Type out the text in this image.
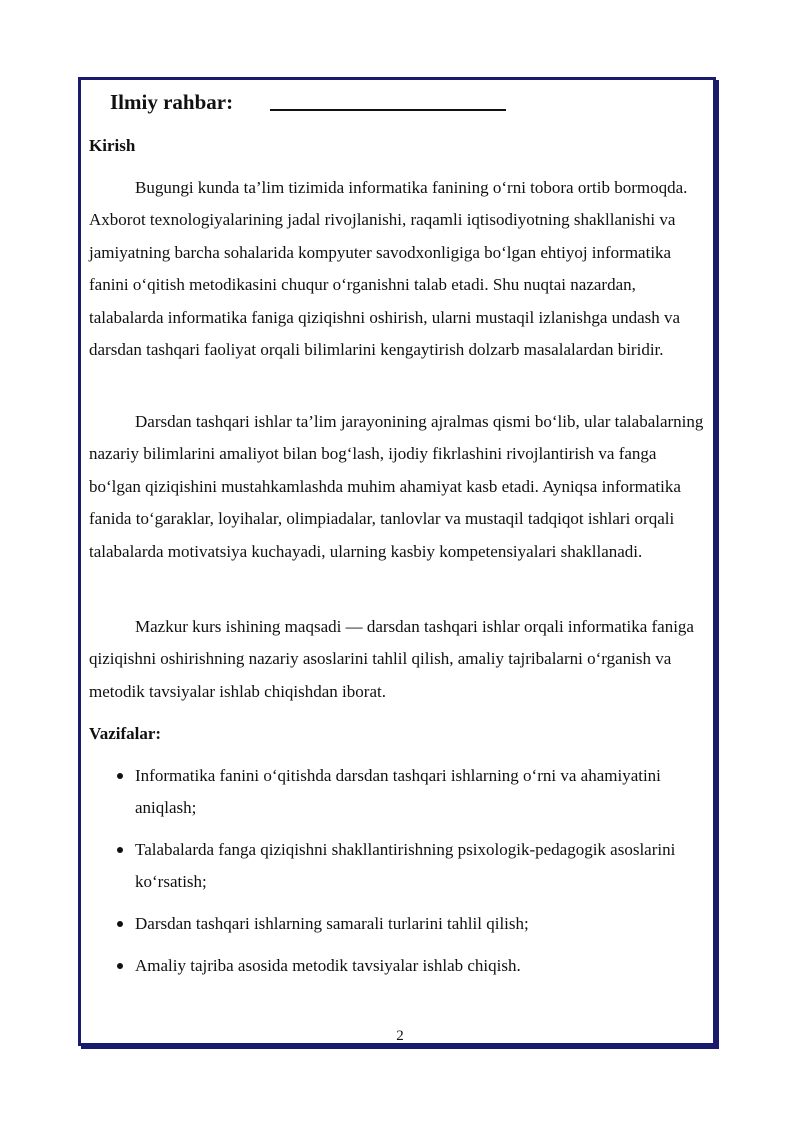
Ilmiy rahbar:
Kirish

Bugungi kunda ta’lim tizimida informatika fanining o‘rni tobora ortib bormoqda. Axborot texnologiyalarining jadal rivojlanishi, raqamli iqtisodiyotning shakllanishi va jamiyatning barcha sohalarida kompyuter savodxonligiga bo‘lgan ehtiyoj informatika fanini o‘qitish metodikasini chuqur o‘rganishni talab etadi. Shu nuqtai nazardan, talabalarda informatika faniga qiziqishni oshirish, ularni mustaqil izlanishga undash va darsdan tashqari faoliyat orqali bilimlarini kengaytirish dolzarb masalalardan biridir.

Darsdan tashqari ishlar ta’lim jarayonining ajralmas qismi bo‘lib, ular talabalarning nazariy bilimlarini amaliyot bilan bog‘lash, ijodiy fikrlashini rivojlantirish va fanga bo‘lgan qiziqishini mustahkamlashda muhim ahamiyat kasb etadi. Ayniqsa informatika fanida to‘garaklar, loyihalar, olimpiadalar, tanlovlar va mustaqil tadqiqot ishlari orqali talabalarda motivatsiya kuchayadi, ularning kasbiy kompetensiyalari shakllanadi.

Mazkur kurs ishining maqsadi — darsdan tashqari ishlar orqali informatika faniga qiziqishni oshirishning nazariy asoslarini tahlil qilish, amaliy tajribalarni o‘rganish va metodik tavsiyalar ishlab chiqishdan iborat.

Vazifalar:
Informatika fanini o‘qitishda darsdan tashqari ishlarning o‘rni va ahamiyatini aniqlash;
Talabalarda fanga qiziqishni shakllantirishning psixologik-pedagogik asoslarini ko‘rsatish;
Darsdan tashqari ishlarning samarali turlarini tahlil qilish;
Amaliy tajriba asosida metodik tavsiyalar ishlab chiqish.
2
